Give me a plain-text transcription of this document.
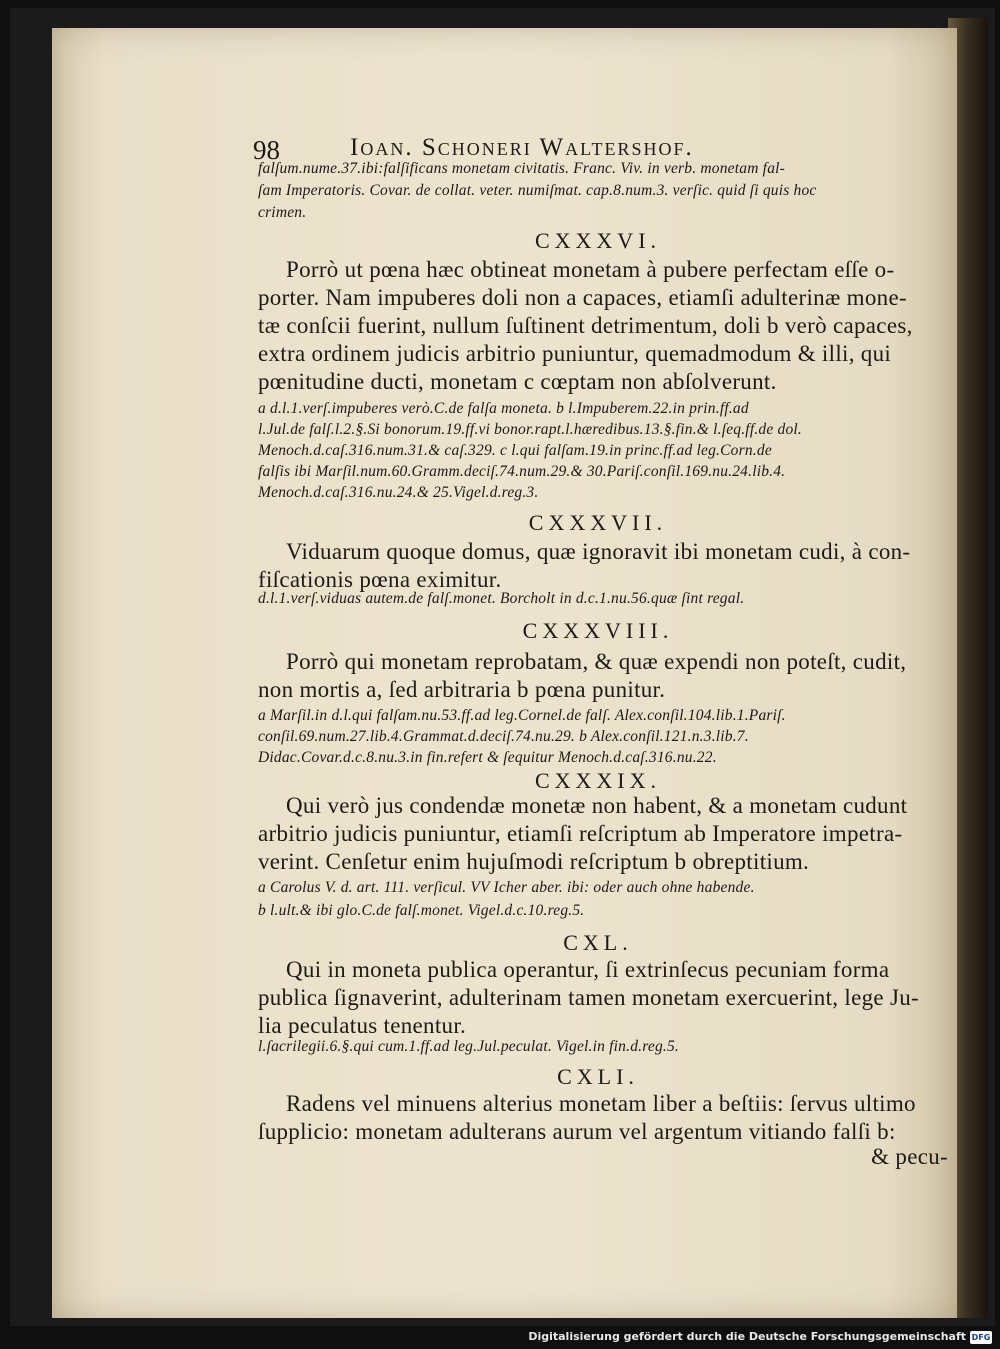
98	Ioan. Schoneri Waltershof.
falſum.nume.37.ibi:falſificans monetam civitatis. Franc. Viv. in verb. monetam fal-
ſam Imperatoris. Covar. de collat. veter. numiſmat. cap.8.num.3. verſic. quid ſi quis hoc
crimen.
CXXXVI.
Porrò ut pœna hæc obtineat monetam à pubere perfectam eſſe o-
porter. Nam impuberes doli non a capaces, etiamſi adulterinæ mone-
tæ conſcii fuerint, nullum ſuſtinent detrimentum, doli b verò capaces,
extra ordinem judicis arbitrio puniuntur, quemadmodum & illi, qui
pœnitudine ducti, monetam c cœptam non abſolverunt.
a d.l.1.verſ.impuberes verò.C.de falſa moneta. b l.Impuberem.22.in prin.ff.ad
l.Jul.de falſ.l.2.§.Si bonorum.19.ff.vi bonor.rapt.l.hæredibus.13.§.fin.& l.ſeq.ff.de dol.
Menoch.d.caſ.316.num.31.& caſ.329. c l.qui falſam.19.in princ.ff.ad leg.Corn.de
falſis ibi Marſil.num.60.Gramm.deciſ.74.num.29.& 30.Pariſ.conſil.169.nu.24.lib.4.
Menoch.d.caſ.316.nu.24.& 25.Vigel.d.reg.3.
CXXXVII.
Viduarum quoque domus, quæ ignoravit ibi monetam cudi, à con-
fiſcationis pœna eximitur.
d.l.1.verſ.viduas autem.de falſ.monet. Borcholt in d.c.1.nu.56.quæ ſint regal.
CXXXVIII.
Porrò qui monetam reprobatam, & quæ expendi non poteſt, cudit,
non mortis a, ſed arbitraria b pœna punitur.
a Marſil.in d.l.qui falſam.nu.53.ff.ad leg.Cornel.de falſ. Alex.conſil.104.lib.1.Pariſ.
conſil.69.num.27.lib.4.Grammat.d.deciſ.74.nu.29. b Alex.conſil.121.n.3.lib.7.
Didac.Covar.d.c.8.nu.3.in fin.refert & ſequitur Menoch.d.caſ.316.nu.22.
CXXXIX.
Qui verò jus condendæ monetæ non habent, & a monetam cudunt
arbitrio judicis puniuntur, etiamſi reſcriptum ab Imperatore impetra-
verint. Cenſetur enim hujuſmodi reſcriptum b obreptitium.
a Carolus V. d. art. 111. verſicul. VV Icher aber. ibi: oder auch ohne habende.
b l.ult.& ibi glo.C.de falſ.monet. Vigel.d.c.10.reg.5.
CXL.
Qui in moneta publica operantur, ſi extrinſecus pecuniam forma
publica ſignaverint, adulterinam tamen monetam exercuerint, lege Ju-
lia peculatus tenentur.
l.ſacrilegii.6.§.qui cum.1.ff.ad leg.Jul.peculat. Vigel.in fin.d.reg.5.
CXLI.
Radens vel minuens alterius monetam liber a beſtiis: ſervus ultimo
ſupplicio: monetam adulterans aurum vel argentum vitiando falſi b:
& pecu-
Digitalisierung gefördert durch die Deutsche Forschungsgemeinschaft DFG
